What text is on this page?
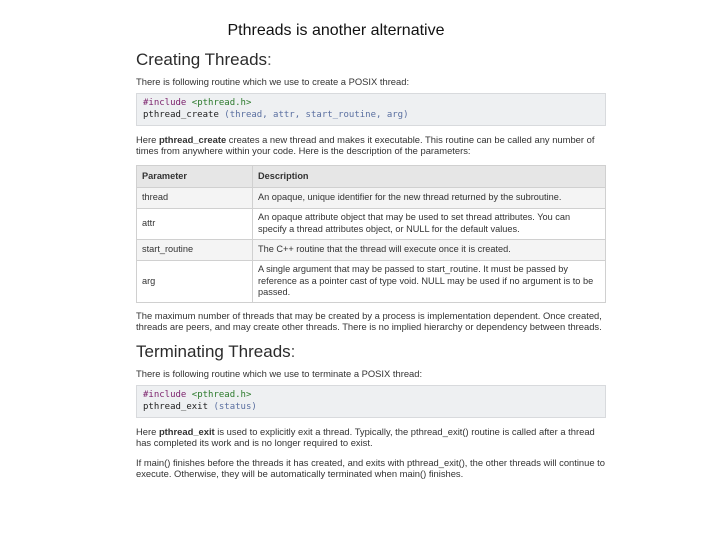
Pthreads is another alternative
Creating Threads:

There is following routine which we use to create a POSIX thread:

#include <pthread.h>
pthread_create (thread, attr, start_routine, arg)

Here pthread_create creates a new thread and makes it executable. This routine can be called any number of times from anywhere within your code. Here is the description of the parameters:

Parameter	Description
thread	An opaque, unique identifier for the new thread returned by the subroutine.
attr	An opaque attribute object that may be used to set thread attributes. You can specify a thread attributes object, or NULL for the default values.
start_routine	The C++ routine that the thread will execute once it is created.
arg	A single argument that may be passed to start_routine. It must be passed by reference as a pointer cast of type void. NULL may be used if no argument is to be passed.

The maximum number of threads that may be created by a process is implementation dependent. Once created, threads are peers, and may create other threads. There is no implied hierarchy or dependency between threads.

Terminating Threads:

There is following routine which we use to terminate a POSIX thread:

#include <pthread.h>
pthread_exit (status)

Here pthread_exit is used to explicitly exit a thread. Typically, the pthread_exit() routine is called after a thread has completed its work and is no longer required to exist.

If main() finishes before the threads it has created, and exits with pthread_exit(), the other threads will continue to execute. Otherwise, they will be automatically terminated when main() finishes.
